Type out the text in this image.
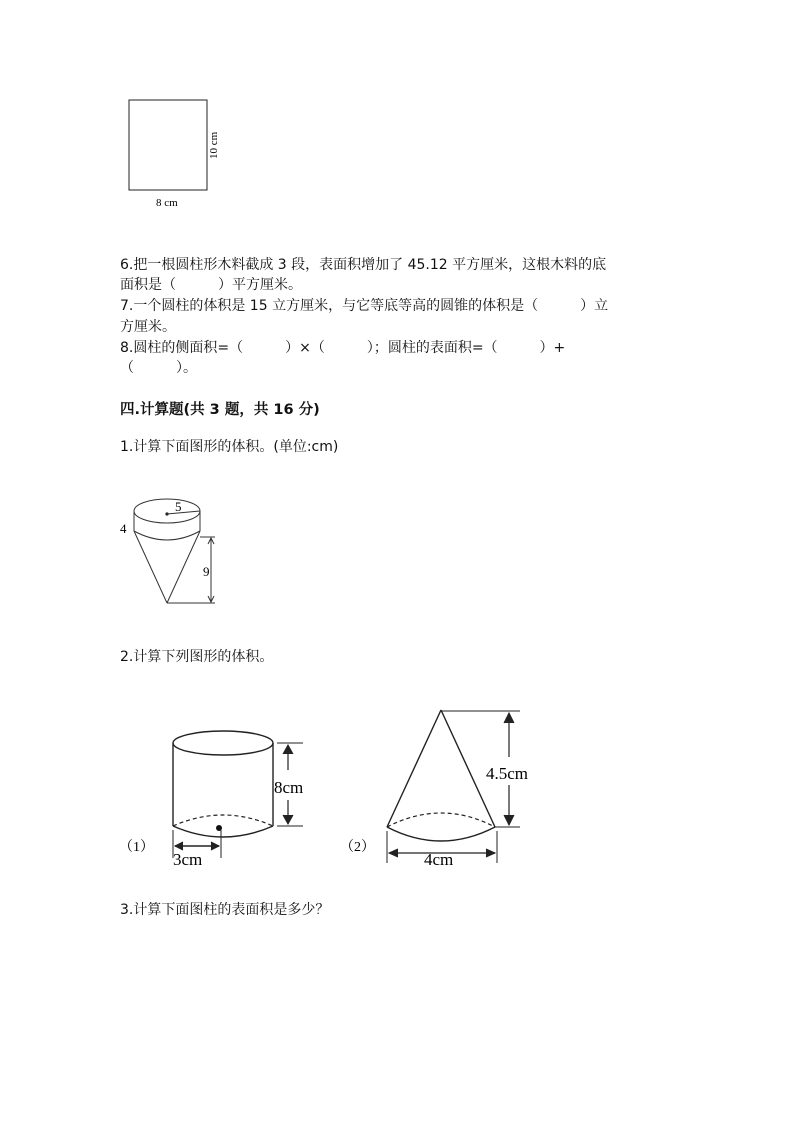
8 cm
10 cm
6.把一根圆柱形木料截成 3 段，表面积增加了 45.12 平方厘米，这根木料的底
面积是（　　　）平方厘米。
7.一个圆柱的体积是 15 立方厘米，与它等底等高的圆锥的体积是（　　　）立
方厘米。
8.圆柱的侧面积=（　　　）×（　　　）；圆柱的表面积=（　　　）+
（　　　）。
四.计算题(共 3 题，共 16 分)
1.计算下面图形的体积。(单位:cm)
5
4
9
2.计算下列图形的体积。
（1）
8cm
3cm
（2）
4.5cm
4cm
3.计算下面图柱的表面积是多少？
